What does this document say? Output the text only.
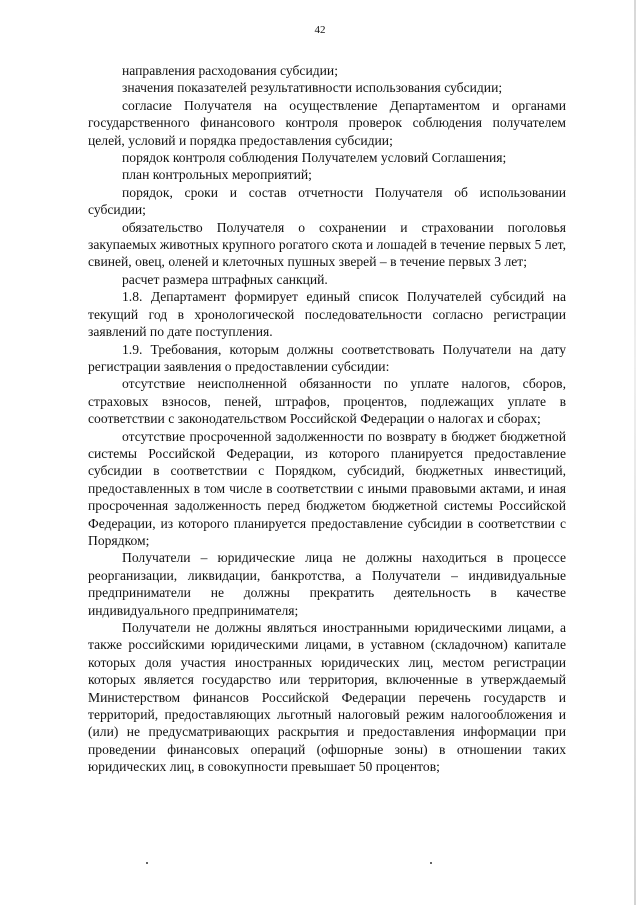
42

направления расходования субсидии;

значения показателей результативности использования субсидии;

согласие Получателя на осуществление Департаментом и органами государственного финансового контроля проверок соблюдения получателем целей, условий и порядка предоставления субсидии;

порядок контроля соблюдения Получателем условий Соглашения;

план контрольных мероприятий;

порядок, сроки и состав отчетности Получателя об использовании субсидии;

обязательство Получателя о сохранении и страховании поголовья закупаемых животных крупного рогатого скота и лошадей в течение первых 5 лет, свиней, овец, оленей и клеточных пушных зверей – в течение первых 3 лет;

расчет размера штрафных санкций.

1.8. Департамент формирует единый список Получателей субсидий на текущий год в хронологической последовательности согласно регистрации заявлений по дате поступления.

1.9. Требования, которым должны соответствовать Получатели на дату регистрации заявления о предоставлении субсидии:

отсутствие неисполненной обязанности по уплате налогов, сборов, страховых взносов, пеней, штрафов, процентов, подлежащих уплате в соответствии с законодательством Российской Федерации о налогах и сборах;

отсутствие просроченной задолженности по возврату в бюджет бюджетной системы Российской Федерации, из которого планируется предоставление субсидии в соответствии с Порядком, субсидий, бюджетных инвестиций, предоставленных в том числе в соответствии с иными правовыми актами, и иная просроченная задолженность перед бюджетом бюджетной системы Российской Федерации, из которого планируется предоставление субсидии в соответствии с Порядком;

Получатели – юридические лица не должны находиться в процессе реорганизации, ликвидации, банкротства, а Получатели – индивидуальные предприниматели не должны прекратить деятельность в качестве индивидуального предпринимателя;

Получатели не должны являться иностранными юридическими лицами, а также российскими юридическими лицами, в уставном (складочном) капитале которых доля участия иностранных юридических лиц, местом регистрации которых является государство или территория, включенные в утверждаемый Министерством финансов Российской Федерации перечень государств и территорий, предоставляющих льготный налоговый режим налогообложения и (или) не предусматривающих раскрытия и предоставления информации при проведении финансовых операций (офшорные зоны) в отношении таких юридических лиц, в совокупности превышает 50 процентов;
